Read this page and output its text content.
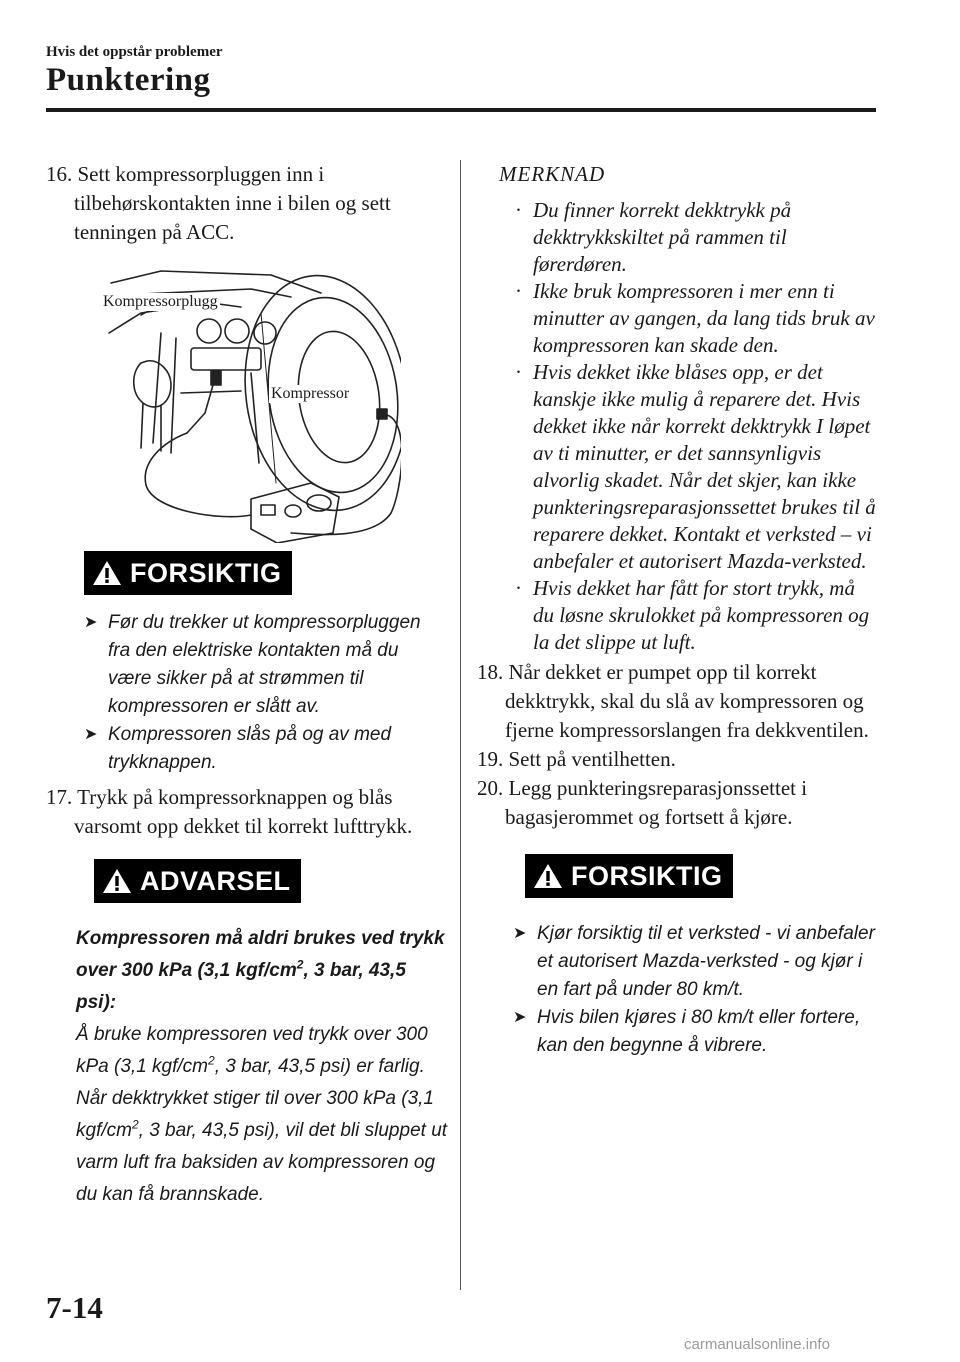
Hvis det oppstår problemer
Punktering

16. Sett kompressorpluggen inn i tilbehørskontakten inne i bilen og sett tenningen på ACC.

Kompressorplugg
Kompressor
FORSIKTIG

➤ Før du trekker ut kompressorpluggen fra den elektriske kontakten må du være sikker på at strømmen til kompressoren er slått av.

➤ Kompressoren slås på og av med trykknappen.

17. Trykk på kompressorknappen og blås varsomt opp dekket til korrekt lufttrykk.

ADVARSEL
Kompressoren må aldri brukes ved trykk over 300 kPa (3,1 kgf/$cm^2$, 3 bar, 43,5 psi):
Å bruke kompressoren ved trykk over 300 kPa (3,1 kgf/$cm^2$, 3 bar, 43,5 psi) er farlig. Når dekktrykket stiger til over 300 kPa (3,1 kgf/$cm^2$, 3 bar, 43,5 psi), vil det bli sluppet ut varm luft fra baksiden av kompressoren og du kan få brannskade.
MERKNAD

· Du finner korrekt dekktrykk på dekktrykkskiltet på rammen til førerdøren.

· Ikke bruk kompressoren i mer enn ti minutter av gangen, da lang tids bruk av kompressoren kan skade den.

· Hvis dekket ikke blåses opp, er det kanskje ikke mulig å reparere det. Hvis dekket ikke når korrekt dekktrykk I løpet av ti minutter, er det sannsynligvis alvorlig skadet. Når det skjer, kan ikke punkteringsreparasjonssettet brukes til å reparere dekket. Kontakt et verksted – vi anbefaler et autorisert Mazda-verksted.

· Hvis dekket har fått for stort trykk, må du løsne skrulokket på kompressoren og la det slippe ut luft.

18. Når dekket er pumpet opp til korrekt dekktrykk, skal du slå av kompressoren og fjerne kompressorslangen fra dekkventilen.

19. Sett på ventilhetten.

20. Legg punkteringsreparasjonssettet i bagasjerommet og fortsett å kjøre.

FORSIKTIG

➤ Kjør forsiktig til et verksted - vi anbefaler et autorisert Mazda-verksted - og kjør i en fart på under 80 km/t.

➤ Hvis bilen kjøres i 80 km/t eller fortere, kan den begynne å vibrere.

7-14
carmanualsonline.info
